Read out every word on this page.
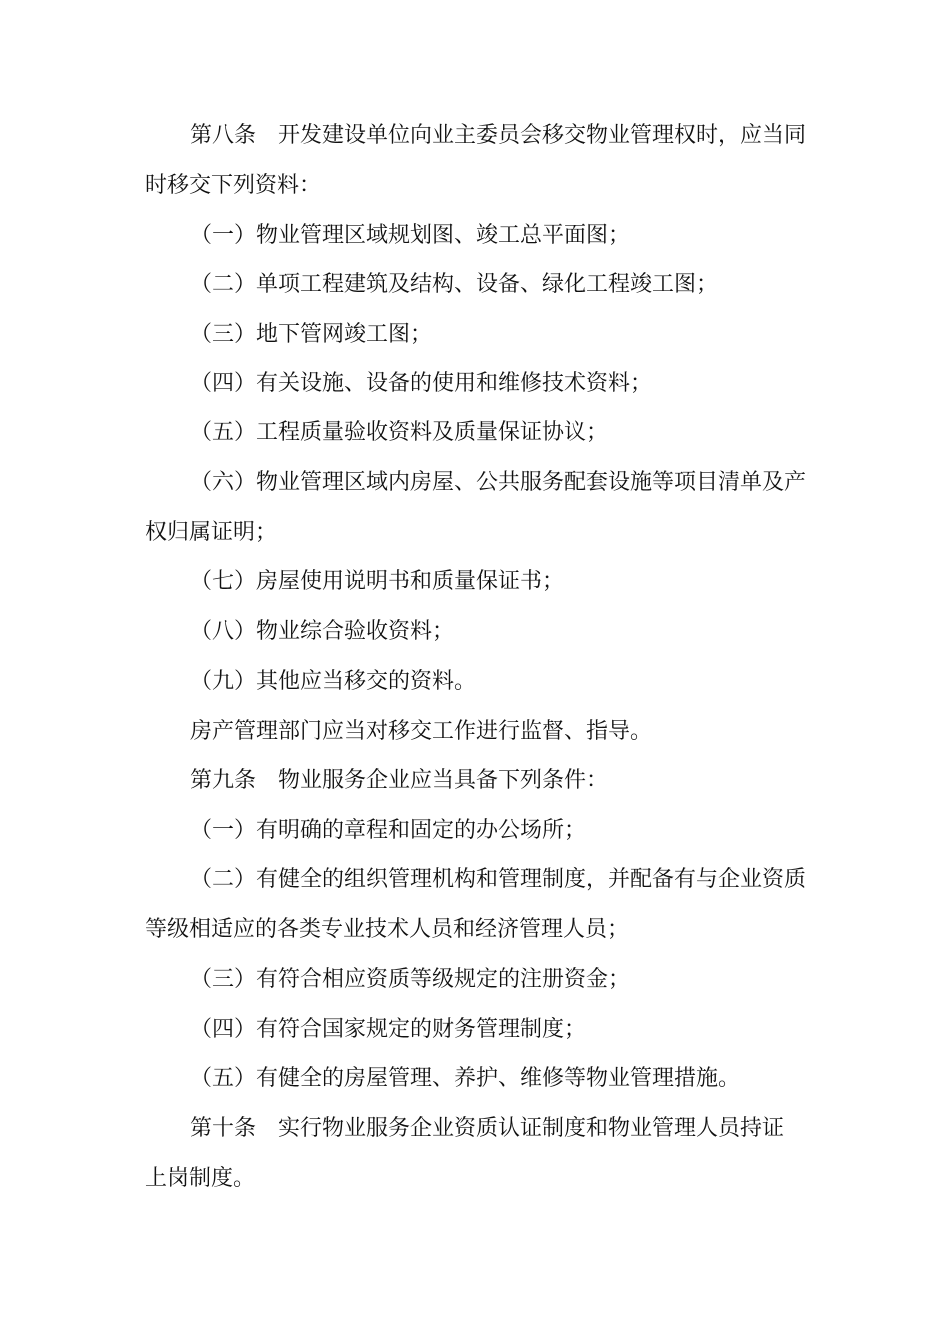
第八条　开发建设单位向业主委员会移交物业管理权时，应当同
时移交下列资料：
（一）物业管理区域规划图、竣工总平面图；
（二）单项工程建筑及结构、设备、绿化工程竣工图；
（三）地下管网竣工图；
（四）有关设施、设备的使用和维修技术资料；
（五）工程质量验收资料及质量保证协议；
（六）物业管理区域内房屋、公共服务配套设施等项目清单及产
权归属证明；
（七）房屋使用说明书和质量保证书；
（八）物业综合验收资料；
（九）其他应当移交的资料。
房产管理部门应当对移交工作进行监督、指导。
第九条　物业服务企业应当具备下列条件：
（一）有明确的章程和固定的办公场所；
（二）有健全的组织管理机构和管理制度，并配备有与企业资质
等级相适应的各类专业技术人员和经济管理人员；
（三）有符合相应资质等级规定的注册资金；
（四）有符合国家规定的财务管理制度；
（五）有健全的房屋管理、养护、维修等物业管理措施。
第十条　实行物业服务企业资质认证制度和物业管理人员持证
上岗制度。
